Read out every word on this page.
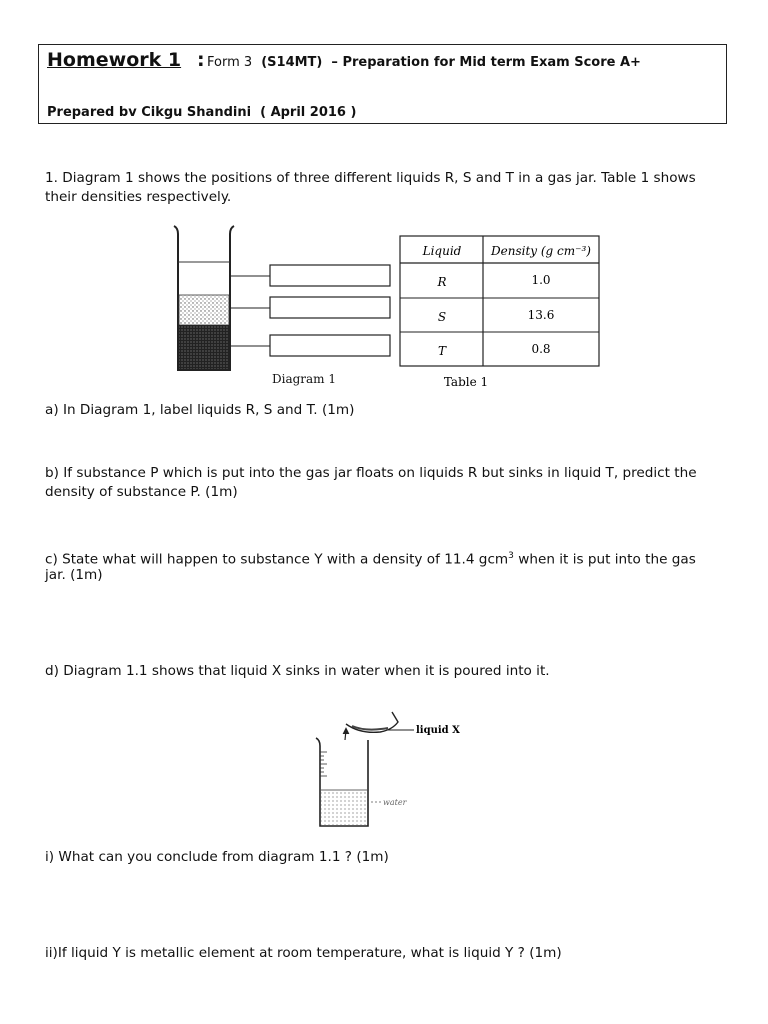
Homework 1 : Form 3 (S14MT) – Preparation for Mid term Exam Score A+
Prepared bv Cikgu Shandini  ( April 2016 )
1. Diagram 1 shows the positions of three different liquids R, S and T in a gas jar. Table 1 shows
their densities respectively.
Diagram 1
Liquid Density (g cm⁻³)
R	1.0
S	13.6
T	0.8
Table 1
a) In Diagram 1, label liquids R, S and T. (1m)
b) If substance P which is put into the gas jar floats on liquids R but sinks in liquid T, predict the
density of substance P. (1m)
c) State what will happen to substance Y with a density of 11.4 gcm$^3$ when it is put into the gas
jar. (1m)
d) Diagram 1.1 shows that liquid X sinks in water when it is poured into it.
water
liquid X
i) What can you conclude from diagram 1.1 ? (1m)
ii)If liquid Y is metallic element at room temperature, what is liquid Y ? (1m)
